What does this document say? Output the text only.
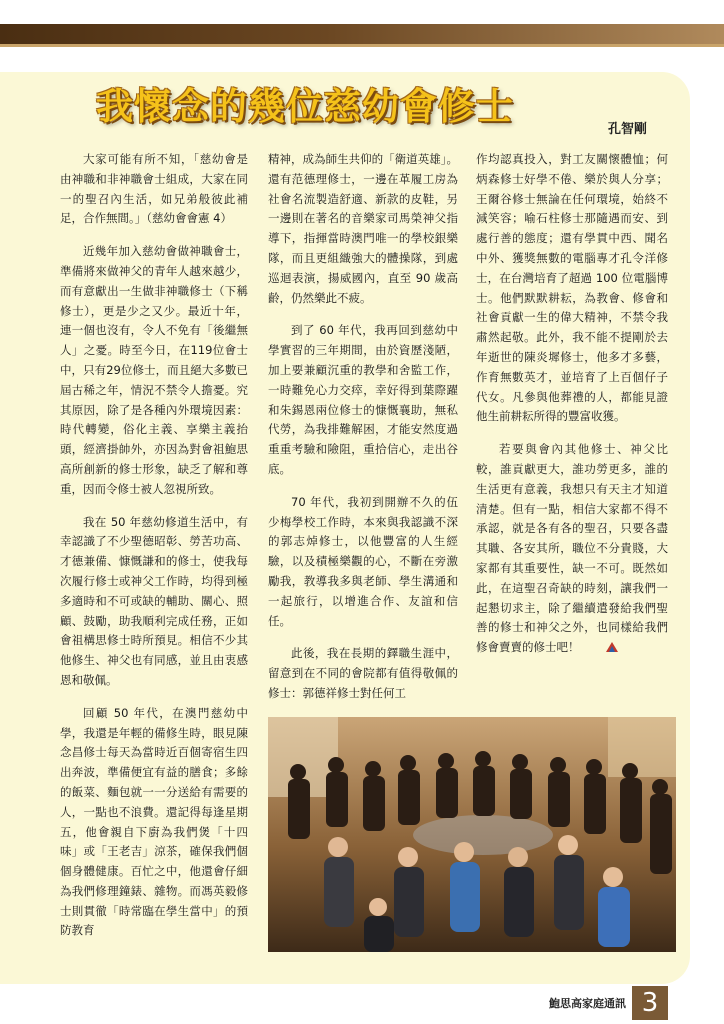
我懷念的幾位慈幼會修士
孔智剛

大家可能有所不知，「慈幼會是由神職和非神職會士組成，大家在同一的聖召內生活，如兄弟般彼此補足，合作無間。」（慈幼會會憲 4）

近幾年加入慈幼會做神職會士，準備將來做神父的青年人越來越少，而有意獻出一生做非神職修士（下稱修士），更是少之又少。最近十年，連一個也沒有，令人不免有「後繼無人」之憂。時至今日，在119位會士中，只有29位修士，而且絕大多數已屆古稀之年，情況不禁令人擔憂。究其原因，除了是各種內外環境因素：時代轉變，俗化主義、享樂主義抬頭，經濟掛帥外，亦因為對會祖鮑思高所創新的修士形象，缺乏了解和尊重，因而令修士被人忽視所致。

我在 50 年慈幼修道生活中，有幸認識了不少聖德昭彰、勞苦功高、才德兼備、慷慨謙和的修士，使我每次履行修士或神父工作時，均得到極多適時和不可或缺的輔助、關心、照顧、鼓勵，助我順利完成任務，正如會祖構思修士時所預見。相信不少其他修生、神父也有同感，並且由衷感恩和敬佩。

回顧 50 年代，在澳門慈幼中學，我還是年輕的備修生時，眼見陳念昌修士每天為當時近百個寄宿生四出奔波，準備便宜有益的膳食；多餘的飯菜、麵包就一一分送給有需要的人，一點也不浪費。還記得每逢星期五，他會親自下廚為我們煲「十四味」或「王老吉」涼茶，確保我們個個身體健康。百忙之中，他還會仔細為我們修理鐘錶、雜物。而馮英毅修士則貫徹「時常臨在學生當中」的預防教育

精神，成為師生共仰的「衛道英雄」。還有范德理修士，一邊在革履工房為社會名流製造舒適、新款的皮鞋，另一邊則在著名的音樂家司馬榮神父指導下，指揮當時澳門唯一的學校銀樂隊，而且更組織強大的體操隊，到處巡迴表演，揚威國內，直至 90 歲高齡，仍然樂此不疲。

到了 60 年代，我再回到慈幼中學實習的三年期間，由於資歷淺陋，加上要兼顧沉重的教學和舍監工作，一時難免心力交瘁，幸好得到葉際躍和朱錫恩兩位修士的慷慨襄助，無私代勞，為我排難解困，才能安然度過重重考驗和險阻，重拾信心，走出谷底。

70 年代，我初到開辦不久的伍少梅學校工作時，本來與我認識不深的郭志焯修士，以他豐富的人生經驗，以及積極樂觀的心，不斷在旁激勵我，教導我多與老師、學生溝通和一起旅行，以增進合作、友誼和信任。

此後，我在長期的鐸職生涯中，留意到在不同的會院都有值得敬佩的修士：郭德祥修士對任何工

作均認真投入，對工友關懷體恤；何炳森修士好學不倦、樂於與人分享；王爾谷修士無論在任何環境，始終不減笑容；喻石柱修士那隨遇而安、到處行善的態度；還有學貫中西、聞名中外、獲獎無數的電腦專才孔令洋修士，在台灣培育了超過 100 位電腦博士。他們默默耕耘，為教會、修會和社會貢獻一生的偉大精神，不禁令我肅然起敬。此外，我不能不提剛於去年逝世的陳炎墀修士，他多才多藝，作育無數英才，並培育了上百個仔子代女。凡參與他葬禮的人，都能見證他生前耕耘所得的豐富收獲。

若要與會內其他修士、神父比較，誰貢獻更大，誰功勞更多，誰的生活更有意義，我想只有天主才知道清楚。但有一點，相信大家都不得不承認，就是各有各的聖召，只要各盡其職、各安其所，職位不分貴賤，大家都有其重要性，缺一不可。既然如此，在這聖召奇缺的時刻，讓我們一起懇切求主，除了繼續遣發給我們聖善的修士和神父之外，也同樣給我們修會賣賣的修士吧！

鮑思高家庭通訊 3
